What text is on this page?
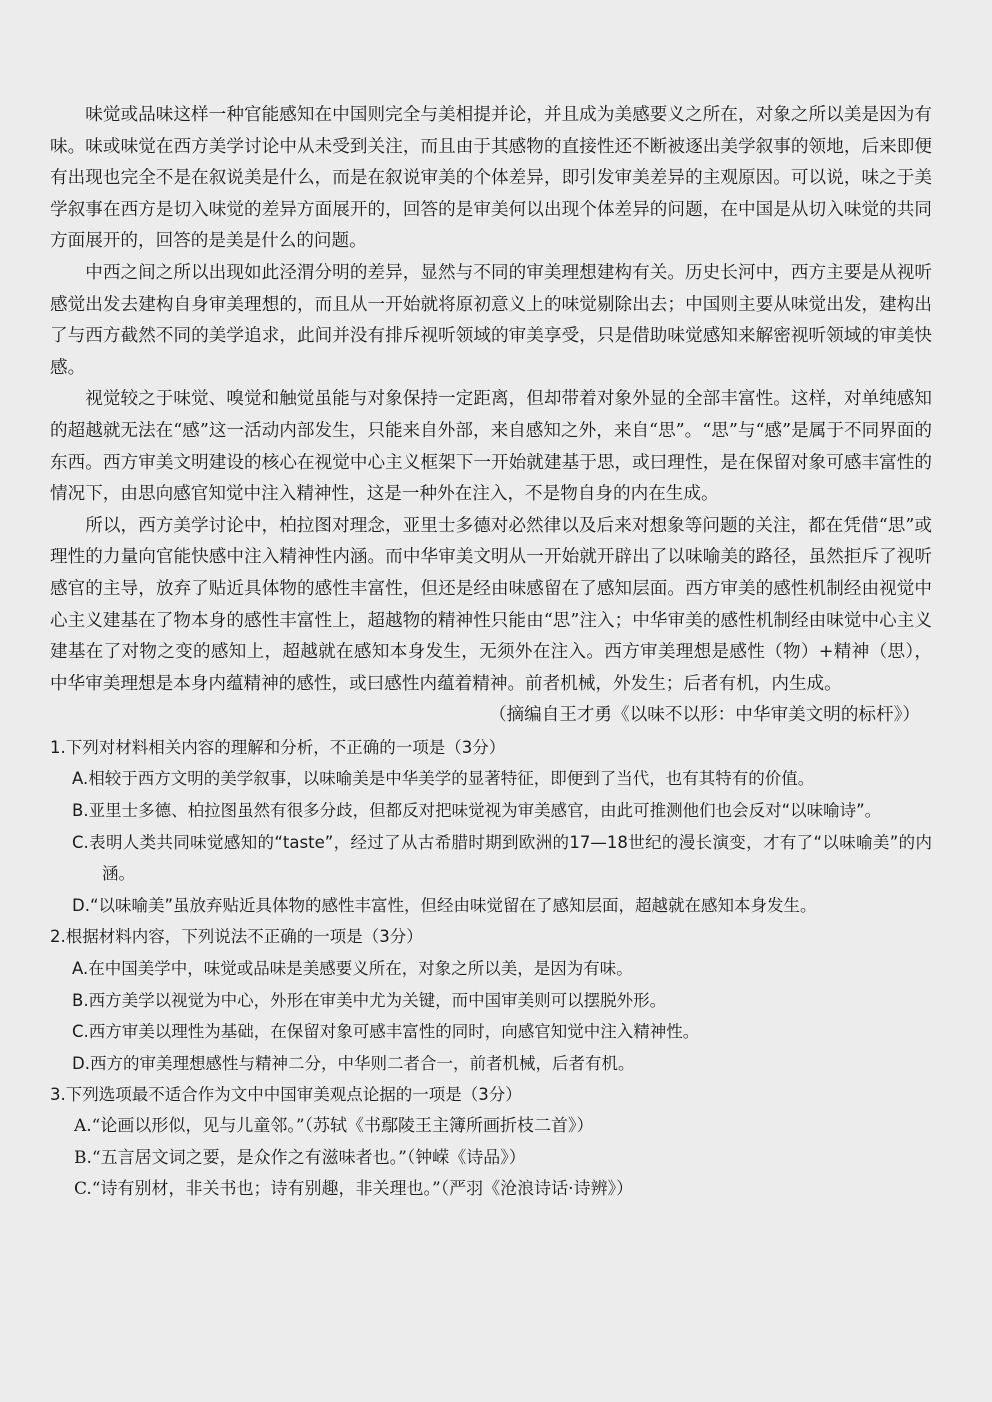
味觉或品味这样一种官能感知在中国则完全与美相提并论，并且成为美感要义之所在，对象之所以美是因为有味。味或味觉在西方美学讨论中从未受到关注，而且由于其感物的直接性还不断被逐出美学叙事的领地，后来即便有出现也完全不是在叙说美是什么，而是在叙说审美的个体差异，即引发审美差异的主观原因。可以说，味之于美学叙事在西方是切入味觉的差异方面展开的，回答的是审美何以出现个体差异的问题，在中国是从切入味觉的共同方面展开的，回答的是美是什么的问题。

中西之间之所以出现如此泾渭分明的差异，显然与不同的审美理想建构有关。历史长河中，西方主要是从视听感觉出发去建构自身审美理想的，而且从一开始就将原初意义上的味觉剔除出去；中国则主要从味觉出发，建构出了与西方截然不同的美学追求，此间并没有排斥视听领域的审美享受，只是借助味觉感知来解密视听领域的审美快感。

视觉较之于味觉、嗅觉和触觉虽能与对象保持一定距离，但却带着对象外显的全部丰富性。这样，对单纯感知的超越就无法在“感”这一活动内部发生，只能来自外部，来自感知之外，来自“思”。“思”与“感”是属于不同界面的东西。西方审美文明建设的核心在视觉中心主义框架下一开始就建基于思，或曰理性，是在保留对象可感丰富性的情况下，由思向感官知觉中注入精神性，这是一种外在注入，不是物自身的内在生成。

所以，西方美学讨论中，柏拉图对理念，亚里士多德对必然律以及后来对想象等问题的关注，都在凭借“思”或理性的力量向官能快感中注入精神性内涵。而中华审美文明从一开始就开辟出了以味喻美的路径，虽然拒斥了视听感官的主导，放弃了贴近具体物的感性丰富性，但还是经由味感留在了感知层面。西方审美的感性机制经由视觉中心主义建基在了物本身的感性丰富性上，超越物的精神性只能由“思”注入；中华审美的感性机制经由味觉中心主义建基在了对物之变的感知上，超越就在感知本身发生，无须外在注入。西方审美理想是感性（物）+精神（思），中华审美理想是本身内蕴精神的感性，或曰感性内蕴着精神。前者机械，外发生；后者有机，内生成。

（摘编自王才勇《以味不以形：中华审美文明的标杆》）

1.下列对材料相关内容的理解和分析，不正确的一项是（3分）

A.相较于西方文明的美学叙事，以味喻美是中华美学的显著特征，即便到了当代，也有其特有的价值。

B.亚里士多德、柏拉图虽然有很多分歧，但都反对把味觉视为审美感官，由此可推测他们也会反对“以味喻诗”。

C.表明人类共同味觉感知的“taste”，经过了从古希腊时期到欧洲的17—18世纪的漫长演变，才有了“以味喻美”的内涵。

D.“以味喻美”虽放弃贴近具体物的感性丰富性，但经由味觉留在了感知层面，超越就在感知本身发生。

2.根据材料内容，下列说法不正确的一项是（3分）

A.在中国美学中，味觉或品味是美感要义所在，对象之所以美，是因为有味。

B.西方美学以视觉为中心，外形在审美中尤为关键，而中国审美则可以摆脱外形。

C.西方审美以理性为基础，在保留对象可感丰富性的同时，向感官知觉中注入精神性。

D.西方的审美理想感性与精神二分，中华则二者合一，前者机械，后者有机。

3.下列选项最不适合作为文中中国审美观点论据的一项是（3分）

A.“论画以形似，见与儿童邻。”（苏轼《书鄢陵王主簿所画折枝二首》）

B.“五言居文词之要，是众作之有滋味者也。”（钟嵘《诗品》）

C.“诗有别材，非关书也；诗有别趣，非关理也。”（严羽《沧浪诗话·诗辨》）
